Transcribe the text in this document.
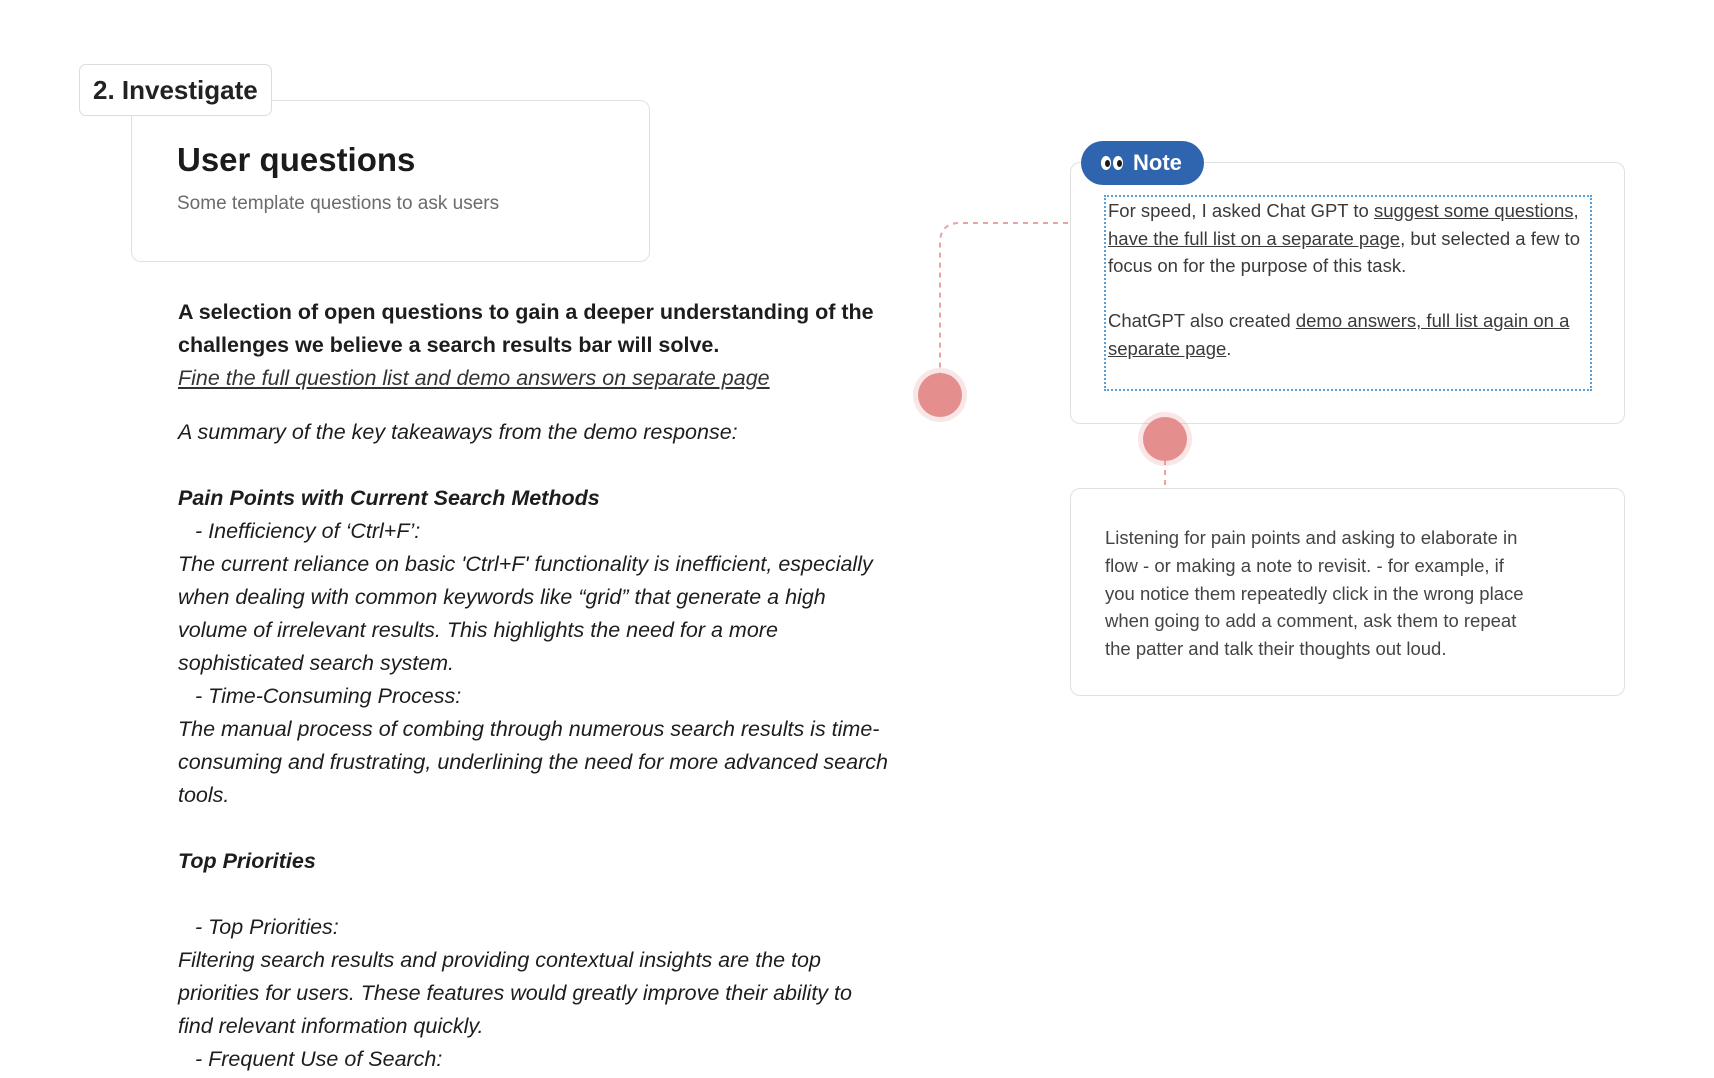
2. Investigate
User questions
Some template questions to ask users

A selection of open questions to gain a deeper understanding of the

challenges we believe a search results bar will solve.

Fine the full question list and demo answers on separate page

A summary of the key takeaways from the demo response:

Pain Points with Current Search Methods

- Inefficiency of ‘Ctrl+F’:

The current reliance on basic 'Ctrl+F' functionality is inefficient, especially

when dealing with common keywords like “grid” that generate a high

volume of irrelevant results. This highlights the need for a more

sophisticated search system.

- Time-Consuming Process:

The manual process of combing through numerous search results is time-

consuming and frustrating, underlining the need for more advanced search

tools.

Top Priorities

- Top Priorities:

Filtering search results and providing contextual insights are the top

priorities for users. These features would greatly improve their ability to

find relevant information quickly.

- Frequent Use of Search:

Note

For speed, I asked Chat GPT to suggest some questions, have the full list on a separate page, but selected a few to focus on for the purpose of this task.

ChatGPT also created demo answers, full list again on a separate page.

Listening for pain points and asking to elaborate in

flow - or making a note to revisit. - for example, if

you notice them repeatedly click in the wrong place

when going to add a comment, ask them to repeat

the patter and talk their thoughts out loud.
